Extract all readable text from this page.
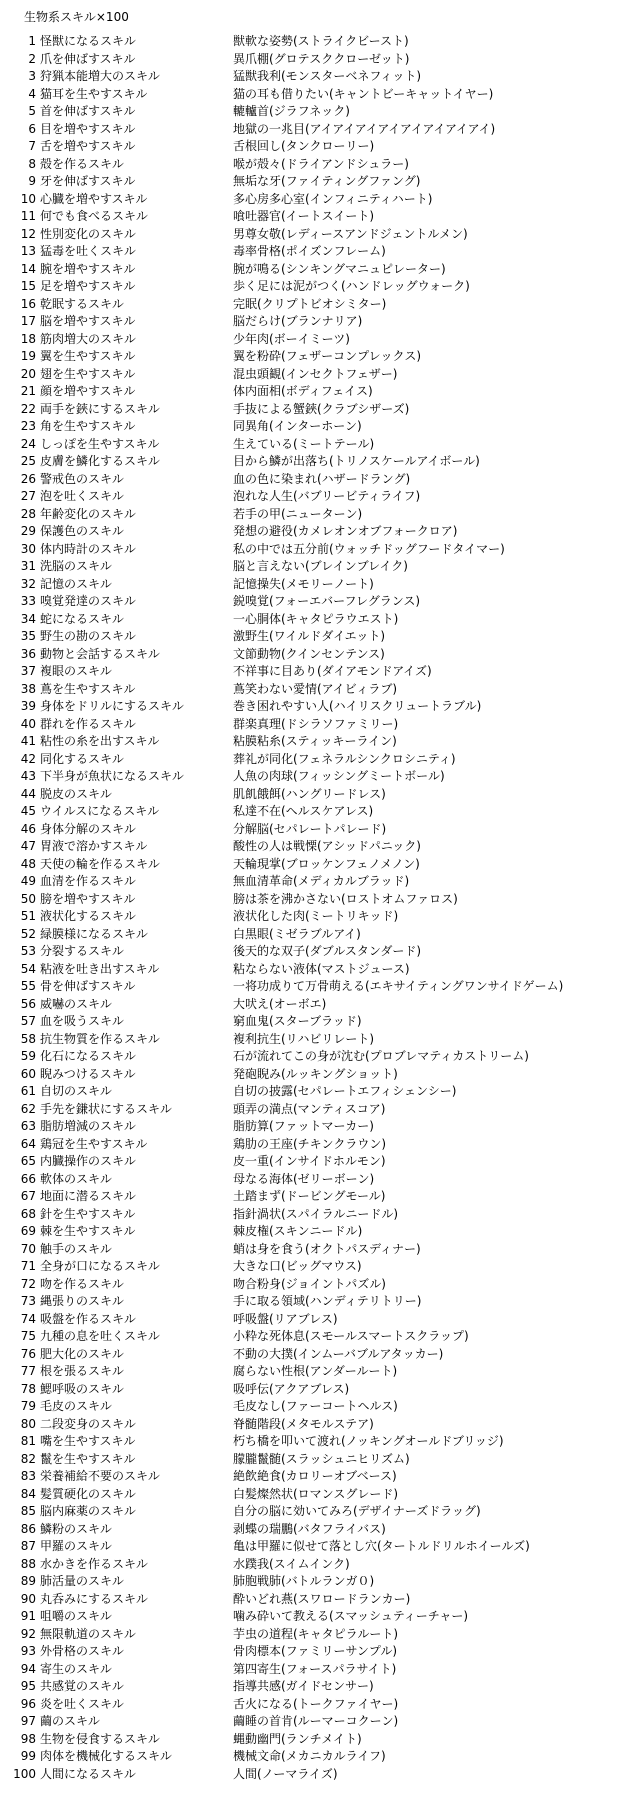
生物系スキル×100
1 怪獣になるスキル	獣軟な姿勢(ストライクビースト)
2 爪を伸ばすスキル	異爪棚(グロテスククローゼット)
3 狩猟本能増大のスキル	猛獣我利(モンスターベネフィット)
4 猫耳を生やすスキル	猫の耳も借りたい(キャントビーキャットイヤー)
5 首を伸ばすスキル	轆轤首(ジラフネック)
6 目を増やすスキル	地獄の一兆目(アイアイアイアイアイアイアイアイ)
7 舌を増やすスキル	舌根回し(タンクローリー)
8 殻を作るスキル	喉が殻々(ドライアンドシュラー)
9 牙を伸ばすスキル	無垢な牙(ファイティングファング)
10 心臓を増やすスキル	多心房多心室(インフィニティハート)
11 何でも食べるスキル	喰吐器官(イートスイート)
12 性別変化のスキル	男尊女敬(レディースアンドジェントルメン)
13 猛毒を吐くスキル	毒率骨格(ポイズンフレーム)
14 腕を増やすスキル	腕が鳴る(シンキングマニュピレーター)
15 足を増やすスキル	歩く足には泥がつく(ハンドレッグウォーク)
16 乾眠するスキル	完眠(クリプトビオシミター)
17 脳を増やすスキル	脳だらけ(ブランナリア)
18 筋肉増大のスキル	少年肉(ボーイミーツ)
19 翼を生やすスキル	翼を粉砕(フェザーコンプレックス)
20 翅を生やすスキル	混虫頭観(インセクトフェザー)
21 顔を増やすスキル	体内面相(ボディフェイス)
22 両手を鋏にするスキル	手抜による蟹鋏(クラブシザーズ)
23 角を生やすスキル	同異角(インターホーン)
24 しっぽを生やすスキル	生えている(ミートテール)
25 皮膚を鱗化するスキル	目から鱗が出落ち(トリノスケールアイボール)
26 警戒色のスキル	血の色に染まれ(ハザードラング)
27 泡を吐くスキル	泡れな人生(バブリービティライフ)
28 年齢変化のスキル	若手の甲(ニューターン)
29 保護色のスキル	発想の避役(カメレオンオブフォークロア)
30 体内時計のスキル	私の中では五分前(ウォッチドッグフードタイマー)
31 洗脳のスキル	脳と言えない(ブレインブレイク)
32 記憶のスキル	記憶操失(メモリーノート)
33 嗅覚発達のスキル	鋭嗅覚(フォーエバーフレグランス)
34 蛇になるスキル	一心胴体(キャタピラウエスト)
35 野生の勘のスキル	激野生(ワイルドダイエット)
36 動物と会話するスキル	文節動物(クインセンテンス)
37 複眼のスキル	不祥事に目あり(ダイアモンドアイズ)
38 蔦を生やすスキル	蔦笑わない愛情(アイビィラブ)
39 身体をドリルにするスキル	巻き困れやすい人(ハイリスクリュートラブル)
40 群れを作るスキル	群楽真理(ドシラソファミリー)
41 粘性の糸を出すスキル	粘膜粘糸(スティッキーライン)
42 同化するスキル	葬礼が同化(フェネラルシンクロシニティ)
43 下半身が魚状になるスキル	人魚の肉球(フィッシングミートボール)
44 脱皮のスキル	肌飢餓餌(ハングリードレス)
45 ウイルスになるスキル	私達不在(ヘルスケアレス)
46 身体分解のスキル	分解脳(セパレートパレード)
47 胃液で溶かすスキル	酸性の人は戦慄(アシッドパニック)
48 天使の輪を作るスキル	天輪現掌(ブロッケンフェノメノン)
49 血清を作るスキル	無血清革命(メディカルブラッド)
50 膀を増やすスキル	膀は茶を沸かさない(ロストオムファロス)
51 液状化するスキル	液状化した肉(ミートリキッド)
52 緑膜様になるスキル	白黒眼(ミゼラブルアイ)
53 分裂するスキル	後天的な双子(ダブルスタンダード)
54 粘液を吐き出すスキル	粘ならない液体(マストジュース)
55 骨を伸ばすスキル	一将功成りて万骨萌える(エキサイティングワンサイドゲーム)
56 威嚇のスキル	大吠え(オーボエ)
57 血を吸うスキル	窮血鬼(スターブラッド)
58 抗生物質を作るスキル	複利抗生(リハビリレート)
59 化石になるスキル	石が流れてこの身が沈む(プロブレマティカストリーム)
60 睨みつけるスキル	発砲睨み(ルッキングショット)
61 自切のスキル	自切の披露(セパレートエフィシェンシー)
62 手先を鎌状にするスキル	頭弄の満点(マンティスコア)
63 脂肪増減のスキル	脂肪算(ファットマーカー)
64 鶏冠を生やすスキル	鶏肋の王座(チキンクラウン)
65 内臓操作のスキル	皮一重(インサイドホルモン)
66 軟体のスキル	母なる海体(ゼリーボーン)
67 地面に潜るスキル	土踏まず(ドービングモール)
68 針を生やすスキル	指針渦状(スパイラルニードル)
69 棘を生やすスキル	棘皮権(スキンニードル)
70 触手のスキル	蛸は身を食う(オクトパスディナー)
71 全身が口になるスキル	大きな口(ビッグマウス)
72 吻を作るスキル	吻合粉身(ジョイントパズル)
73 縄張りのスキル	手に取る領域(ハンディテリトリー)
74 吸盤を作るスキル	呼吸盤(リアブレス)
75 九種の息を吐くスキル	小粋な死体息(スモールスマートスクラップ)
76 肥大化のスキル	不動の大撲(インムーバブルアタッカー)
77 根を張るスキル	腐らない性根(アンダールート)
78 鰓呼吸のスキル	吸呼伝(アクアブレス)
79 毛皮のスキル	毛皮なし(ファーコートヘルス)
80 二段変身のスキル	脊髄階段(メタモルステア)
81 嘴を生やすスキル	朽ち橋を叩いて渡れ(ノッキングオールドブリッジ)
82 鬣を生やすスキル	朦朧鬣髄(スラッシュニヒリズム)
83 栄養補給不要のスキル	絶飲絶食(カロリーオブベース)
84 髪質硬化のスキル	白髪燦然状(ロマンスグレード)
85 脳内麻薬のスキル	自分の脳に効いてみろ(デザイナーズドラッグ)
86 鱗粉のスキル	剥蝶の瑞鵬(バタフライバス)
87 甲羅のスキル	亀は甲羅に似せて落とし穴(タートルドリルホイールズ)
88 水かきを作るスキル	水蹼我(スイムインク)
89 肺活量のスキル	肺胞戦肺(バトルランガ０)
90 丸呑みにするスキル	酔いどれ燕(スワロードランカー)
91 咀嚼のスキル	噛み砕いて教える(スマッシュティーチャー)
92 無限軌道のスキル	芋虫の道程(キャタピラルート)
93 外骨格のスキル	骨肉標本(ファミリーサンプル)
94 寄生のスキル	第四寄生(フォースパラサイト)
95 共感覚のスキル	指導共感(ガイドセンサー)
96 炎を吐くスキル	舌火になる(トークファイヤー)
97 繭のスキル	繭睡の首肯(ルーマーコクーン)
98 生物を侵食するスキル	蝿動幽門(ランチメイト)
99 肉体を機械化するスキル	機械文命(メカニカルライフ)
100 人間になるスキル	人間(ノーマライズ)
